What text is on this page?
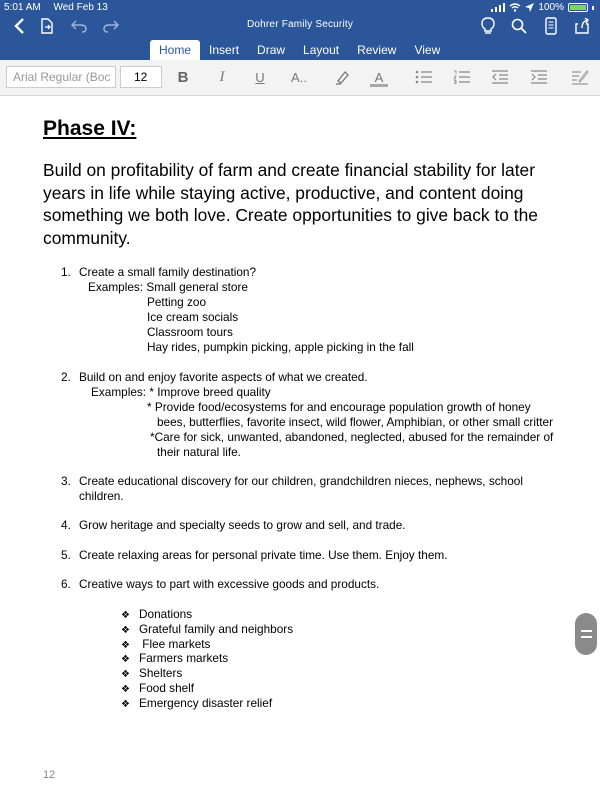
5:01 AM Wed Feb 13	100%
Dohrer Family Security
Home	Insert	Draw	Layout	Review	View
Arial Regular (Boc	12	B	I	U	A..	A
Phase IV:
Build on profitability of farm and create financial stability for later years in life while staying active, productive, and content doing something we both love. Create opportunities to give back to the community.
1. Create a small family destination?
Examples: Small general store
Petting zoo
Ice cream socials
Classroom tours
Hay rides, pumpkin picking, apple picking in the fall
2. Build on and enjoy favorite aspects of what we created.
Examples: * Improve breed quality
* Provide food/ecosystems for and encourage population growth of honey
bees, butterflies, favorite insect, wild flower, Amphibian, or other small critter
*Care for sick, unwanted, abandoned, neglected, abused for the remainder of
their natural life.
3. Create educational discovery for our children, grandchildren nieces, nephews, school
children.
4. Grow heritage and specialty seeds to grow and sell, and trade.
5. Create relaxing areas for personal private time. Use them. Enjoy them.
6. Creative ways to part with excessive goods and products.
❖ Donations
❖ Grateful family and neighbors
❖ Flee markets
❖ Farmers markets
❖ Shelters
❖ Food shelf
❖ Emergency disaster relief
12
